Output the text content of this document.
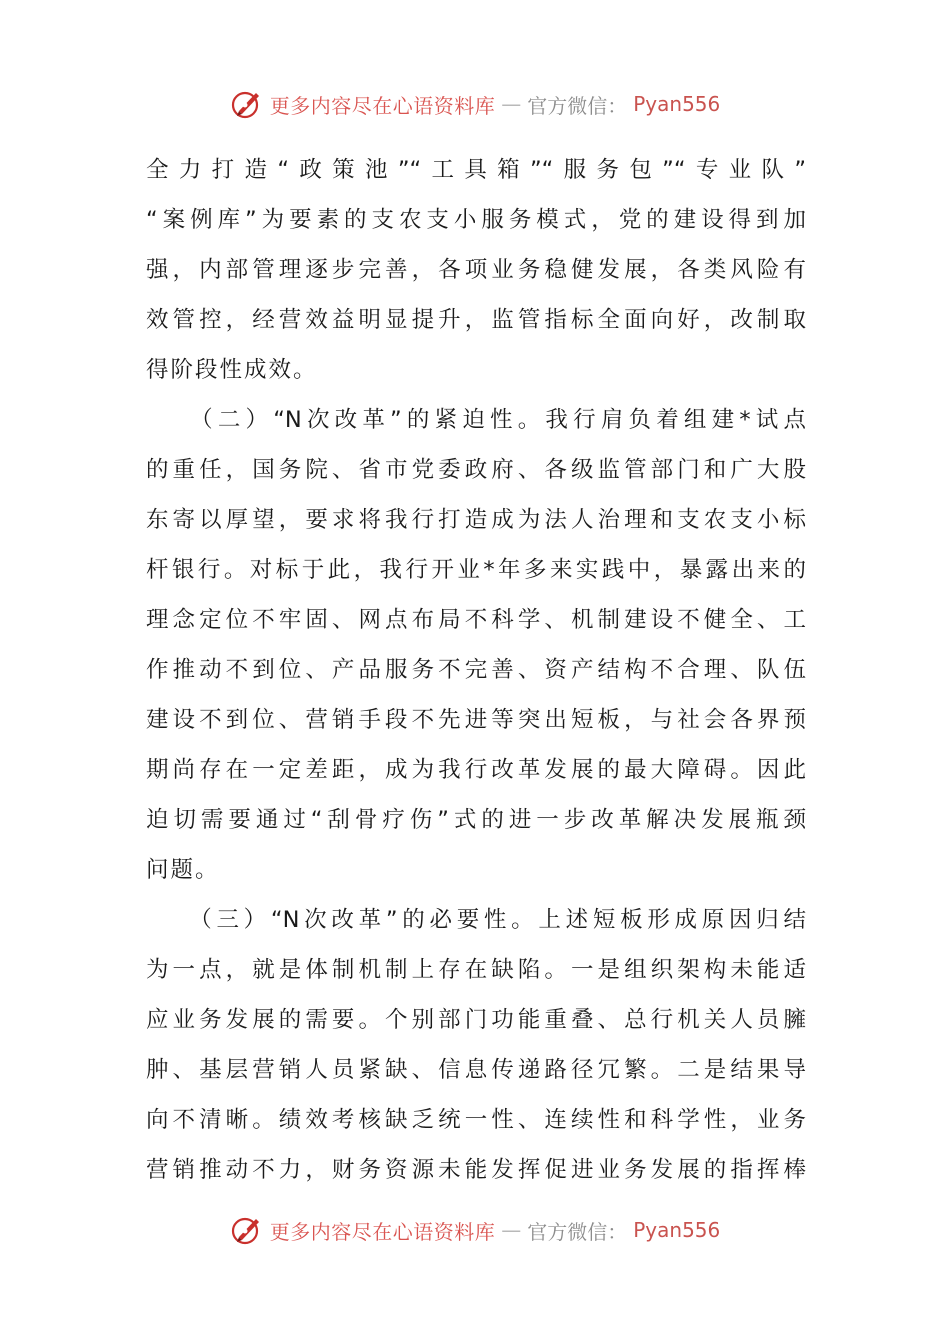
更多内容尽在心语资料库 — 官方微信： Pyan556
全力打造“政策池”“工具箱”“服务包”“专业队”
“案例库”为要素的支农支小服务模式，党的建设得到加
强，内部管理逐步完善，各项业务稳健发展，各类风险有
效管控，经营效益明显提升，监管指标全面向好，改制取
得阶段性成效。
　　（二）“N次改革”的紧迫性。我行肩负着组建*试点
的重任，国务院、省市党委政府、各级监管部门和广大股
东寄以厚望，要求将我行打造成为法人治理和支农支小标
杆银行。对标于此，我行开业*年多来实践中，暴露出来的
理念定位不牢固、网点布局不科学、机制建设不健全、工
作推动不到位、产品服务不完善、资产结构不合理、队伍
建设不到位、营销手段不先进等突出短板，与社会各界预
期尚存在一定差距，成为我行改革发展的最大障碍。因此
迫切需要通过“刮骨疗伤”式的进一步改革解决发展瓶颈
问题。
　　（三）“N次改革”的必要性。上述短板形成原因归结
为一点，就是体制机制上存在缺陷。一是组织架构未能适
应业务发展的需要。个别部门功能重叠、总行机关人员臃
肿、基层营销人员紧缺、信息传递路径冗繁。二是结果导
向不清晰。绩效考核缺乏统一性、连续性和科学性，业务
营销推动不力，财务资源未能发挥促进业务发展的指挥棒
更多内容尽在心语资料库 — 官方微信： Pyan556
